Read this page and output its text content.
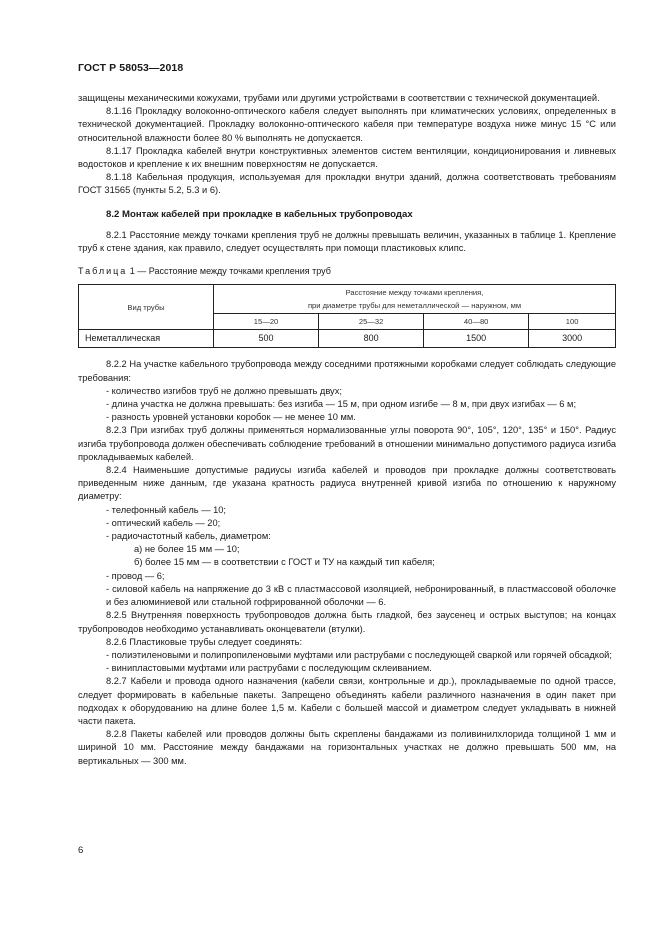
ГОСТ Р 58053—2018

защищены механическими кожухами, трубами или другими устройствами в соответствии с технической документацией.

8.1.16 Прокладку волоконно-оптического кабеля следует выполнять при климатических условиях, определенных в технической документацией. Прокладку волоконно-оптического кабеля при температуре воздуха ниже минус 15 °С или относительной влажности более 80 % выполнять не допускается.

8.1.17 Прокладка кабелей внутри конструктивных элементов систем вентиляции, кондиционирования и ливневых водостоков и крепление к их внешним поверхностям не допускается.

8.1.18 Кабельная продукция, используемая для прокладки внутри зданий, должна соответствовать требованиям ГОСТ 31565 (пункты 5.2, 5.3 и 6).

8.2 Монтаж кабелей при прокладке в кабельных трубопроводах

8.2.1 Расстояние между точками крепления труб не должны превышать величин, указанных в таблице 1. Крепление труб к стене здания, как правило, следует осуществлять при помощи пластиковых клипс.

Таблица 1 — Расстояние между точками крепления труб
Вид трубы	Расстояние между точками крепления,
при диаметре трубы для неметаллической — наружном, мм			

	15—20	25—32	40—80	100
Неметаллическая	500	800	1500	3000

8.2.2 На участке кабельного трубопровода между соседними протяжными коробками следует соблюдать следующие требования:

- количество изгибов труб не должно превышать двух;

- длина участка не должна превышать: без изгиба — 15 м, при одном изгибе — 8 м, при двух изгибах — 6 м;

- разность уровней установки коробок — не менее 10 мм.

8.2.3 При изгибах труб должны применяться нормализованные углы поворота 90°, 105°, 120°, 135° и 150°. Радиус изгиба трубопровода должен обеспечивать соблюдение требований в отношении минимально допустимого радиуса изгиба прокладываемых кабелей.

8.2.4 Наименьшие допустимые радиусы изгиба кабелей и проводов при прокладке должны соответствовать приведенным ниже данным, где указана кратность радиуса внутренней кривой изгиба по отношению к наружному диаметру:

- телефонный кабель — 10;

- оптический кабель — 20;

- радиочастотный кабель, диаметром:

а) не более 15 мм — 10;

б) более 15 мм — в соответствии с ГОСТ и ТУ на каждый тип кабеля;

- провод — 6;

- силовой кабель на напряжение до 3 кВ с пластмассовой изоляцией, небронированный, в пластмассовой оболочке и без алюминиевой или стальной гофрированной оболочки — 6.

8.2.5 Внутренняя поверхность трубопроводов должна быть гладкой, без заусенец и острых выступов; на концах трубопроводов необходимо устанавливать оконцеватели (втулки).

8.2.6 Пластиковые трубы следует соединять:

- полиэтиленовыми и полипропиленовыми муфтами или раструбами с последующей сваркой или горячей обсадкой;

- винипластовыми муфтами или раструбами с последующим склеиванием.

8.2.7 Кабели и провода одного назначения (кабели связи, контрольные и др.), прокладываемые по одной трассе, следует формировать в кабельные пакеты. Запрещено объединять кабели различного назначения в один пакет при подходах к оборудованию на длине более 1,5 м. Кабели с большей массой и диаметром следует укладывать в нижней части пакета.

8.2.8 Пакеты кабелей или проводов должны быть скреплены бандажами из поливинилхлорида толщиной 1 мм и шириной 10 мм. Расстояние между бандажами на горизонтальных участках не должно превышать 500 мм, на вертикальных — 300 мм.

6
